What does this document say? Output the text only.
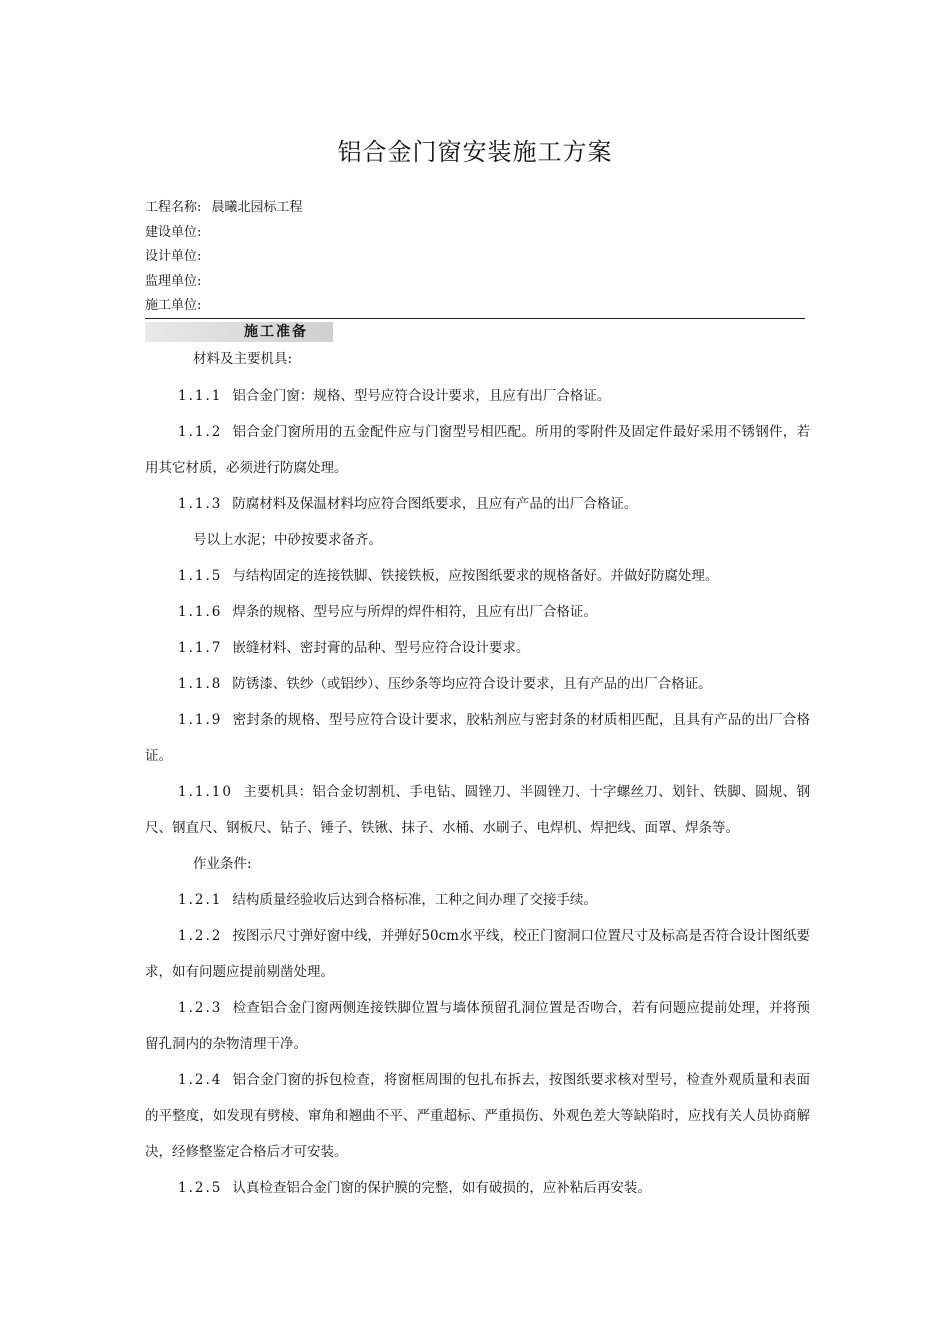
铝合金门窗安装施工方案
工程名称: 晨曦北园标工程
建设单位:
设计单位:
监理单位:
施工单位:
施工准备

材料及主要机具:

1.1.1 铝合金门窗：规格、型号应符合设计要求，且应有出厂合格证。

1.1.2 铝合金门窗所用的五金配件应与门窗型号相匹配。所用的零附件及固定件最好采用不锈钢件，若用其它材质，必须进行防腐处理。

1.1.3 防腐材料及保温材料均应符合图纸要求，且应有产品的出厂合格证。

号以上水泥；中砂按要求备齐。

1.1.5 与结构固定的连接铁脚、铁接铁板，应按图纸要求的规格备好。并做好防腐处理。

1.1.6 焊条的规格、型号应与所焊的焊件相符，且应有出厂合格证。

1.1.7 嵌缝材料、密封膏的品种、型号应符合设计要求。

1.1.8 防锈漆、铁纱（或铝纱）、压纱条等均应符合设计要求，且有产品的出厂合格证。

1.1.9 密封条的规格、型号应符合设计要求，胶粘剂应与密封条的材质相匹配，且具有产品的出厂合格证。

1.1.10 主要机具：铝合金切割机、手电钻、圆锉刀、半圆锉刀、十字螺丝刀、划针、铁脚、圆规、钢尺、钢直尺、钢板尺、钻子、锤子、铁锹、抹子、水桶、水刷子、电焊机、焊把线、面罩、焊条等。

作业条件:

1.2.1 结构质量经验收后达到合格标准，工种之间办理了交接手续。

1.2.2 按图示尺寸弹好窗中线，并弹好50cm水平线，校正门窗洞口位置尺寸及标高是否符合设计图纸要求，如有问题应提前剔凿处理。

1.2.3 检查铝合金门窗两侧连接铁脚位置与墙体预留孔洞位置是否吻合，若有问题应提前处理，并将预留孔洞内的杂物清理干净。

1.2.4 铝合金门窗的拆包检查，将窗框周围的包扎布拆去，按图纸要求核对型号，检查外观质量和表面的平整度，如发现有劈棱、窜角和翘曲不平、严重超标、严重损伤、外观色差大等缺陷时，应找有关人员协商解决，经修整鉴定合格后才可安装。

1.2.5 认真检查铝合金门窗的保护膜的完整，如有破损的，应补粘后再安装。
